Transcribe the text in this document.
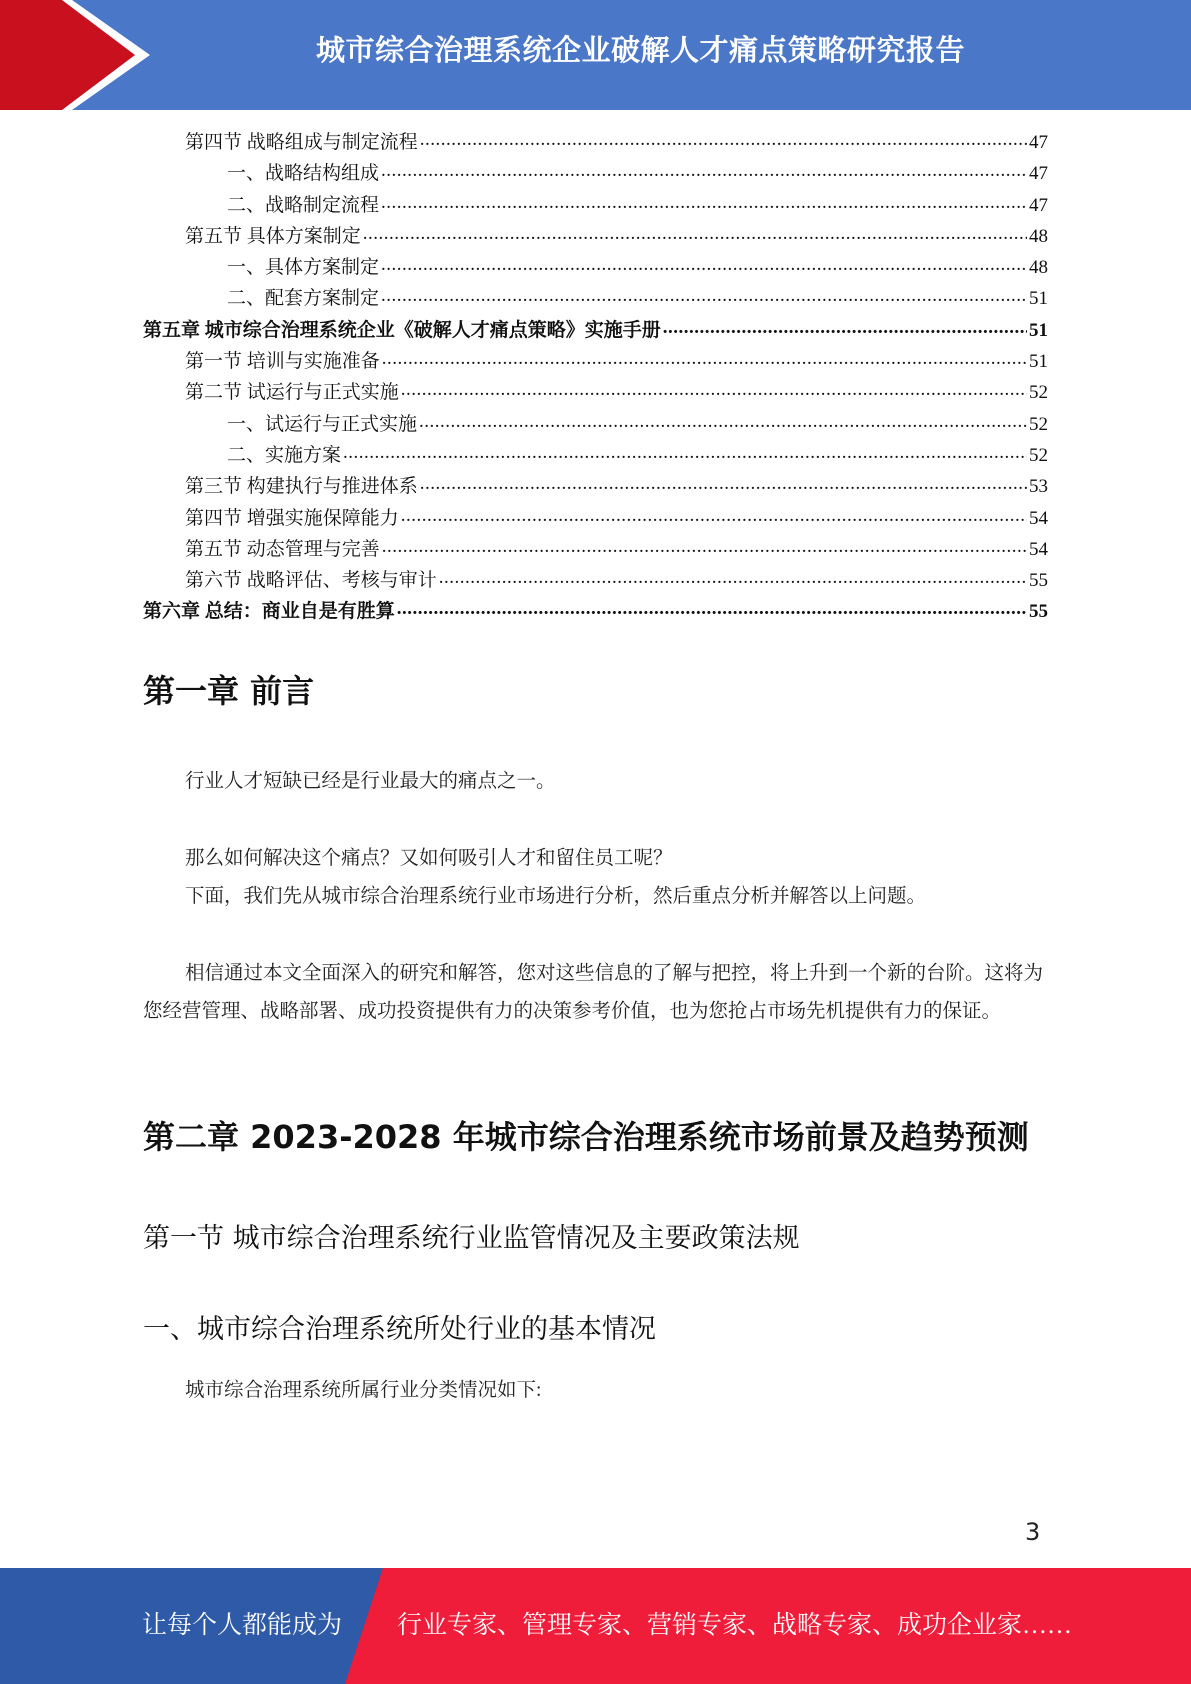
城市综合治理系统企业破解人才痛点策略研究报告
第四节 战略组成与制定流程 .....	47
一、战略结构组成 .....	47
二、战略制定流程 .....	47
第五节 具体方案制定 .....	48
一、具体方案制定 .....	48
二、配套方案制定 .....	51
第五章 城市综合治理系统企业《破解人才痛点策略》实施手册 .....	51
第一节 培训与实施准备 .....	51
第二节 试运行与正式实施 .....	52
一、试运行与正式实施 .....	52
二、实施方案 .....	52
第三节 构建执行与推进体系 .....	53
第四节 增强实施保障能力 .....	54
第五节 动态管理与完善 .....	54
第六节 战略评估、考核与审计 .....	55
第六章 总结：商业自是有胜算 .....	55
第一章 前言

行业人才短缺已经是行业最大的痛点之一。

那么如何解决这个痛点？又如何吸引人才和留住员工呢？

下面，我们先从城市综合治理系统行业市场进行分析，然后重点分析并解答以上问题。

相信通过本文全面深入的研究和解答，您对这些信息的了解与把控，将上升到一个新的台阶。这将为您经营管理、战略部署、成功投资提供有力的决策参考价值，也为您抢占市场先机提供有力的保证。

第二章 2023-2028 年城市综合治理系统市场前景及趋势预测
第一节 城市综合治理系统行业监管情况及主要政策法规
一、城市综合治理系统所处行业的基本情况

城市综合治理系统所属行业分类情况如下:

3
让每个人都能成为 行业专家、管理专家、营销专家、战略专家、成功企业家……
